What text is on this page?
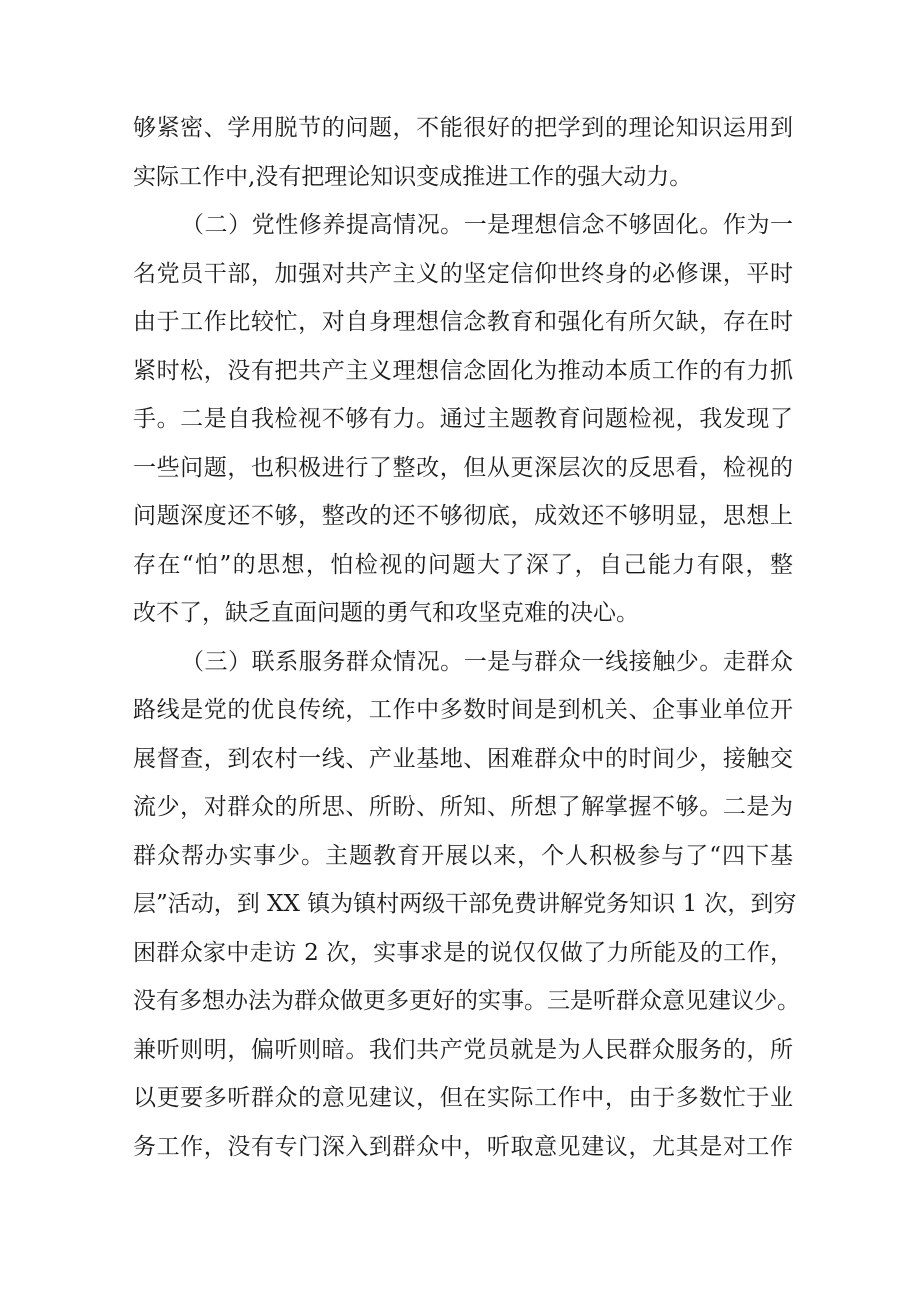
够紧密、学用脱节的问题，不能很好的把学到的理论知识运用到
实际工作中,没有把理论知识变成推进工作的强大动力。
（二）党性修养提高情况。一是理想信念不够固化。作为一
名党员干部，加强对共产主义的坚定信仰世终身的必修课，平时
由于工作比较忙，对自身理想信念教育和强化有所欠缺，存在时
紧时松，没有把共产主义理想信念固化为推动本质工作的有力抓
手。二是自我检视不够有力。通过主题教育问题检视，我发现了
一些问题，也积极进行了整改，但从更深层次的反思看，检视的
问题深度还不够，整改的还不够彻底，成效还不够明显，思想上
存在“怕”的思想，怕检视的问题大了深了，自己能力有限，整
改不了，缺乏直面问题的勇气和攻坚克难的决心。
（三）联系服务群众情况。一是与群众一线接触少。走群众
路线是党的优良传统，工作中多数时间是到机关、企事业单位开
展督查，到农村一线、产业基地、困难群众中的时间少，接触交
流少，对群众的所思、所盼、所知、所想了解掌握不够。二是为
群众帮办实事少。主题教育开展以来，个人积极参与了“四下基
层”活动，到 XX 镇为镇村两级干部免费讲解党务知识 1 次，到穷
困群众家中走访 2 次，实事求是的说仅仅做了力所能及的工作，
没有多想办法为群众做更多更好的实事。三是听群众意见建议少。
兼听则明，偏听则暗。我们共产党员就是为人民群众服务的，所
以更要多听群众的意见建议，但在实际工作中，由于多数忙于业
务工作，没有专门深入到群众中，听取意见建议，尤其是对工作
